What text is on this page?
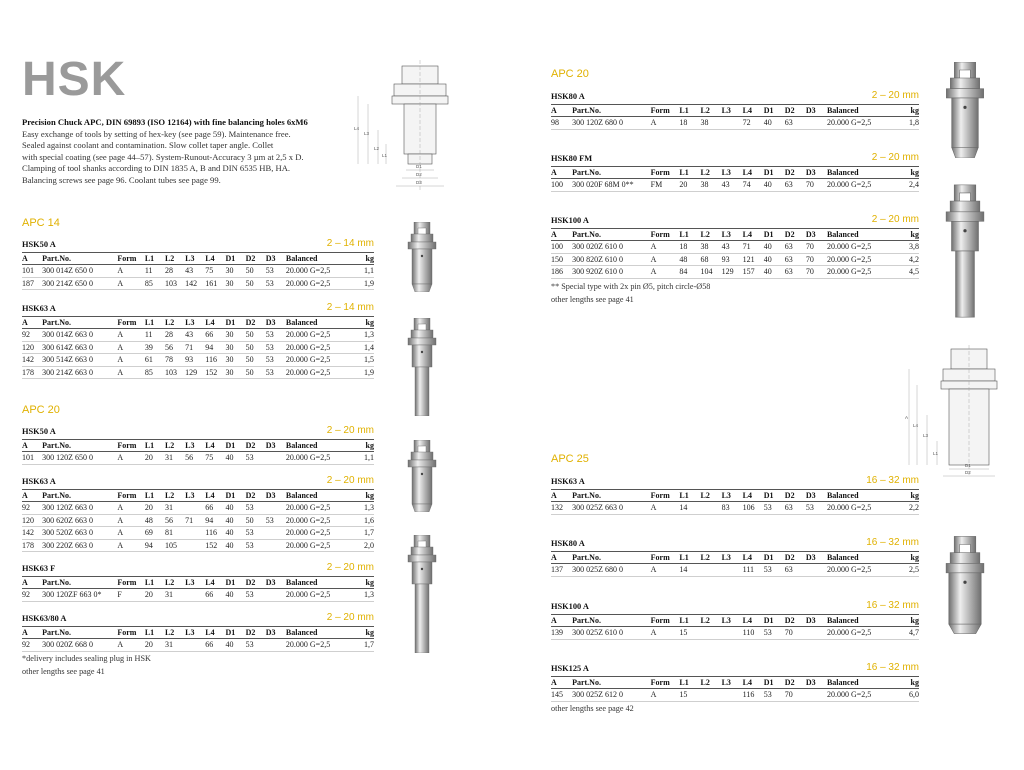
HSK
Precision Chuck APC, DIN 69893 (ISO 12164) with fine balancing holes 6xM6
Easy exchange of tools by setting of hex-key (see page 59). Maintenance free.
Sealed against coolant and contamination. Slow collet taper angle. Collet
with special coating (see page 44–57). System-Runout-Accuracy 3 µm at 2,5 x D.
Clamping of tool shanks according to DIN 1835 A, B and DIN 6535 HB, HA.
Balancing screws see page 96. Coolant tubes see page 99.
L4
L3
L2
L1
D1
D2
D3
A
L4
L3
L1
D1
D2
APC 14
APC 20
APC 20
APC 25
HSK50 A	2 – 14 mm
A	Part.No.	Form	L1	L2	L3	L4	D1	D2	D3	Balanced	kg
101	300 014Z 650 0	A	11	28	43	75	30	50	53	20.000 G=2,5	1,1
187	300 214Z 650 0	A	85	103	142	161	30	50	53	20.000 G=2,5	1,9
HSK63 A	2 – 14 mm
A	Part.No.	Form	L1	L2	L3	L4	D1	D2	D3	Balanced	kg
92	300 014Z 663 0	A	11	28	43	66	30	50	53	20.000 G=2,5	1,3
120	300 614Z 663 0	A	39	56	71	94	30	50	53	20.000 G=2,5	1,4
142	300 514Z 663 0	A	61	78	93	116	30	50	53	20.000 G=2,5	1,5
178	300 214Z 663 0	A	85	103	129	152	30	50	53	20.000 G=2,5	1,9
HSK50 A	2 – 20 mm
A	Part.No.	Form	L1	L2	L3	L4	D1	D2	D3	Balanced	kg
101	300 120Z 650 0	A	20	31	56	75	40	53		20.000 G=2,5	1,1
HSK63 A	2 – 20 mm
A	Part.No.	Form	L1	L2	L3	L4	D1	D2	D3	Balanced	kg
92	300 120Z 663 0	A	20	31		66	40	53		20.000 G=2,5	1,3
120	300 620Z 663 0	A	48	56	71	94	40	50	53	20.000 G=2,5	1,6
142	300 520Z 663 0	A	69	81		116	40	53		20.000 G=2,5	1,7
178	300 220Z 663 0	A	94	105		152	40	53		20.000 G=2,5	2,0
HSK63 F	2 – 20 mm
A	Part.No.	Form	L1	L2	L3	L4	D1	D2	D3	Balanced	kg
92	300 120ZF 663 0*	F	20	31		66	40	53		20.000 G=2,5	1,3
HSK63/80 A	2 – 20 mm
A	Part.No.	Form	L1	L2	L3	L4	D1	D2	D3	Balanced	kg
92	300 020Z 668 0	A	20	31		66	40	53		20.000 G=2,5	1,7
*delivery includes sealing plug in HSK
other lengths see page 41
HSK80 A	2 – 20 mm
A	Part.No.	Form	L1	L2	L3	L4	D1	D2	D3	Balanced	kg
98	300 120Z 680 0	A	18	38		72	40	63		20.000 G=2,5	1,8
HSK80 FM	2 – 20 mm
A	Part.No.	Form	L1	L2	L3	L4	D1	D2	D3	Balanced	kg
100	300 020F 68M 0**	FM	20	38	43	74	40	63	70	20.000 G=2,5	2,4
HSK100 A	2 – 20 mm
A	Part.No.	Form	L1	L2	L3	L4	D1	D2	D3	Balanced	kg
100	300 020Z 610 0	A	18	38	43	71	40	63	70	20.000 G=2,5	3,8
150	300 820Z 610 0	A	48	68	93	121	40	63	70	20.000 G=2,5	4,2
186	300 920Z 610 0	A	84	104	129	157	40	63	70	20.000 G=2,5	4,5
** Special type with 2x pin Ø5, pitch circle-Ø58
other lengths see page 41
HSK63 A	16 – 32 mm
A	Part.No.	Form	L1	L2	L3	L4	D1	D2	D3	Balanced	kg
132	300 025Z 663 0	A	14		83	106	53	63	53	20.000 G=2,5	2,2
HSK80 A	16 – 32 mm
A	Part.No.	Form	L1	L2	L3	L4	D1	D2	D3	Balanced	kg
137	300 025Z 680 0	A	14			111	53	63		20.000 G=2,5	2,5
HSK100 A	16 – 32 mm
A	Part.No.	Form	L1	L2	L3	L4	D1	D2	D3	Balanced	kg
139	300 025Z 610 0	A	15			110	53	70		20.000 G=2,5	4,7
HSK125 A	16 – 32 mm
A	Part.No.	Form	L1	L2	L3	L4	D1	D2	D3	Balanced	kg
145	300 025Z 612 0	A	15			116	53	70		20.000 G=2,5	6,0
other lengths see page 42
